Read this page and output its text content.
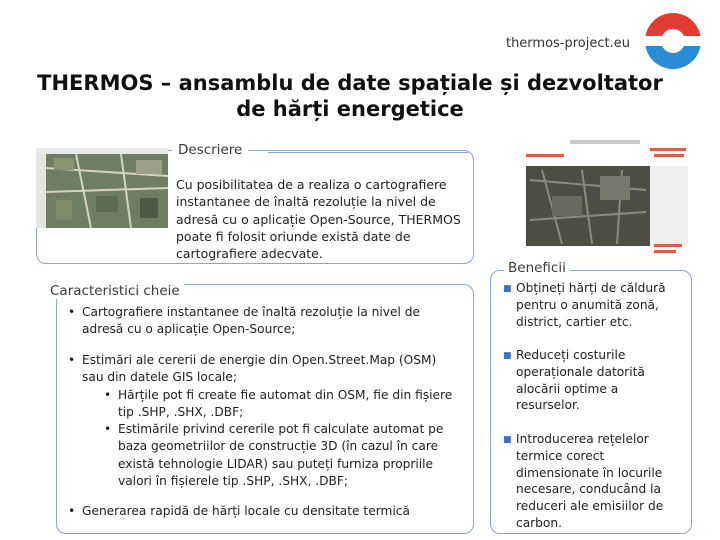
thermos-project.eu
THERMOS – ansamblu de date spațiale și dezvoltator de hărți energetice
Descriere
Cu posibilitatea de a realiza o cartografiere instantanee de înaltă rezoluție la nivel de adresă cu o aplicație Open-Source, THERMOS poate fi folosit oriunde există date de cartografiere adecvate.
Caracteristici cheie
• Cartografiere instantanee de înaltă rezoluție la nivel de adresă cu o aplicație Open-Source;
• Estimări ale cererii de energie din Open.Street.Map (OSM) sau din datele GIS locale;
• Hărțile pot fi create fie automat din OSM, fie din fișiere tip .SHP, .SHX, .DBF;
• Estimările privind cererile pot fi calculate automat pe baza geometriilor de construcție 3D (în cazul în care există tehnologie LIDAR) sau puteți furniza propriile valori în fișierele tip .SHP, .SHX, .DBF;
• Generarea rapidă de hărți locale cu densitate termică
Beneficii
■ Obțineți hărți de căldură pentru o anumită zonă, district, cartier etc.
■ Reduceți costurile operaționale datorită alocării optime a resurselor.
■ Introducerea rețelelor termice corect dimensionate în locurile necesare, conducând la reduceri ale emisiilor de carbon.
